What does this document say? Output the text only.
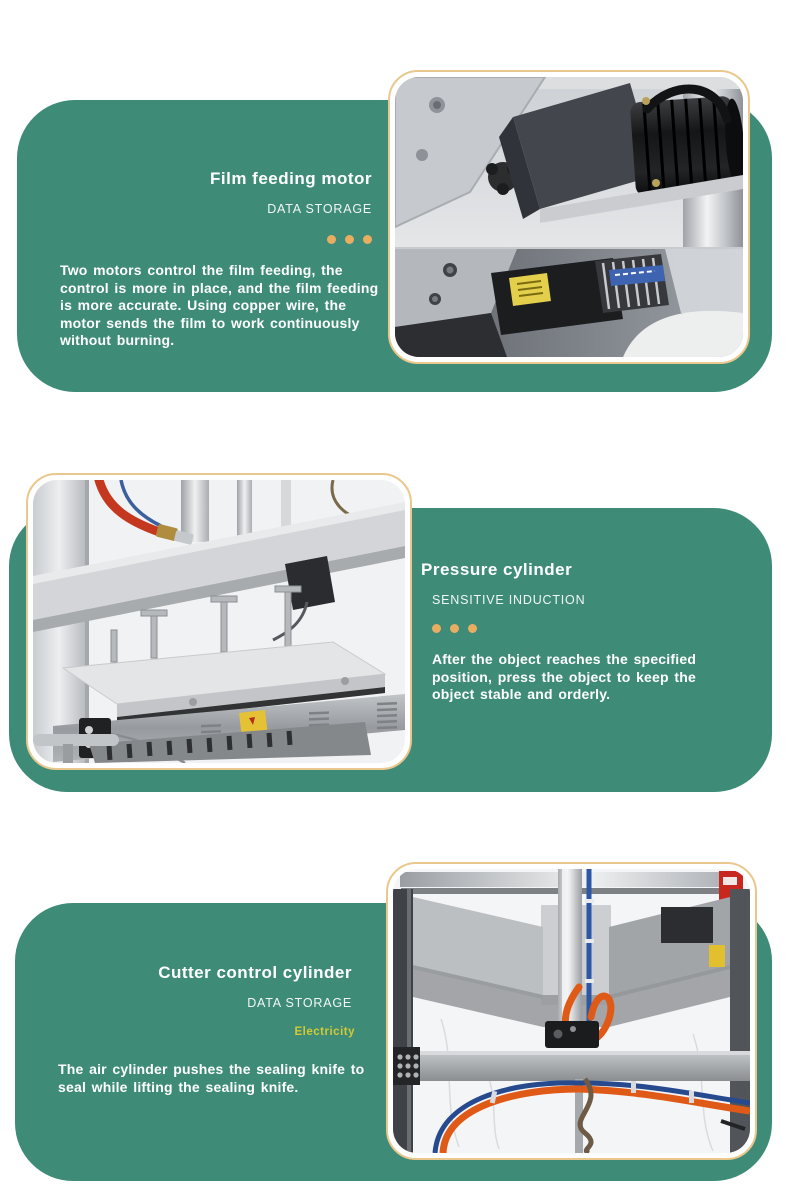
Film feeding motor
DATA STORAGE
Two motors control the film feeding, the control is more in place, and the film feeding is more accurate. Using copper wire, the motor sends the film to work continuously without burning.
Pressure cylinder
SENSITIVE INDUCTION
After the object reaches the specified position, press the object to keep the object stable and orderly.
Cutter control cylinder
DATA STORAGE
Electricity
The air cylinder pushes the sealing knife to seal while lifting the sealing knife.
